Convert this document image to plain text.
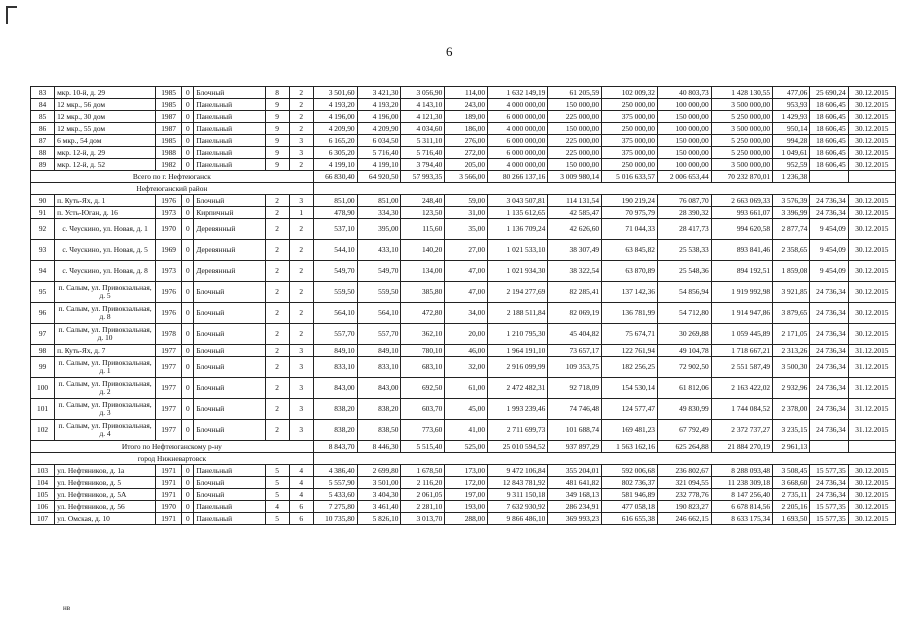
6
83	мкр. 10-й, д. 29	1985	0	Блочный	8	2	3 501,60	3 421,30	3 056,90	114,00	1 632 149,19	61 205,59	102 009,32	40 803,73	1 428 130,55	477,06	25 690,24	30.12.2015
84	12 мкр., 56 дом	1985	0	Панельный	9	2	4 193,20	4 193,20	4 143,10	243,00	4 000 000,00	150 000,00	250 000,00	100 000,00	3 500 000,00	953,93	18 606,45	30.12.2015
85	12 мкр., 30 дом	1987	0	Панельный	9	2	4 196,00	4 196,00	4 121,30	189,00	6 000 000,00	225 000,00	375 000,00	150 000,00	5 250 000,00	1 429,93	18 606,45	30.12.2015
86	12 мкр., 55 дом	1987	0	Панельный	9	2	4 209,90	4 209,90	4 034,60	186,00	4 000 000,00	150 000,00	250 000,00	100 000,00	3 500 000,00	950,14	18 606,45	30.12.2015
87	6 мкр., 54 дом	1985	0	Панельный	9	3	6 165,20	6 034,50	5 311,10	276,00	6 000 000,00	225 000,00	375 000,00	150 000,00	5 250 000,00	994,28	18 606,45	30.12.2015
88	мкр. 12-й, д. 29	1988	0	Панельный	9	3	6 305,20	5 716,40	5 716,40	272,00	6 000 000,00	225 000,00	375 000,00	150 000,00	5 250 000,00	1 049,61	18 606,45	30.12.2015
89	мкр. 12-й, д. 52	1982	0	Панельный	9	2	4 199,10	4 199,10	3 794,40	205,00	4 000 000,00	150 000,00	250 000,00	100 000,00	3 500 000,00	952,59	18 606,45	30.12.2015
Всего по г. Нефтеюганск							66 830,40	64 920,50	57 993,35	3 566,00	80 266 137,16	3 009 980,14	5 016 633,57	2 006 653,44	70 232 870,01	1 236,38		
Нефтеюганский район																		
90	п. Куть-Ях, д. 1	1976	0	Блочный	2	3	851,00	851,00	248,40	59,00	3 043 507,81	114 131,54	190 219,24	76 087,70	2 663 069,33	3 576,39	24 736,34	30.12.2015
91	п. Усть-Юган, д. 16	1973	0	Кирпичный	2	1	478,90	334,30	123,50	31,00	1 135 612,65	42 585,47	70 975,79	28 390,32	993 661,07	3 396,99	24 736,34	30.12.2015
92	с. Чеускино, ул. Новая, д. 1	1970	0	Деревянный	2	2	537,10	395,00	115,60	35,00	1 136 709,24	42 626,60	71 044,33	28 417,73	994 620,58	2 877,74	9 454,09	30.12.2015
93	с. Чеускино, ул. Новая, д. 5	1969	0	Деревянный	2	2	544,10	433,10	140,20	27,00	1 021 533,10	38 307,49	63 845,82	25 538,33	893 841,46	2 358,65	9 454,09	30.12.2015
94	с. Чеускино, ул. Новая, д. 8	1973	0	Деревянный	2	2	549,70	549,70	134,00	47,00	1 021 934,30	38 322,54	63 870,89	25 548,36	894 192,51	1 859,08	9 454,09	30.12.2015
95	п. Салым, ул. Привокзальная, д. 5	1976	0	Блочный	2	2	559,50	559,50	385,80	47,00	2 194 277,69	82 285,41	137 142,36	54 856,94	1 919 992,98	3 921,85	24 736,34	30.12.2015
96	п. Салым, ул. Привокзальная, д. 8	1976	0	Блочный	2	2	564,10	564,10	472,80	34,00	2 188 511,84	82 069,19	136 781,99	54 712,80	1 914 947,86	3 879,65	24 736,34	30.12.2015
97	п. Салым, ул. Привокзальная, д. 10	1978	0	Блочный	2	2	557,70	557,70	362,10	20,00	1 210 795,30	45 404,82	75 674,71	30 269,88	1 059 445,89	2 171,05	24 736,34	30.12.2015
98	п. Куть-Ях, д. 7	1977	0	Блочный	2	3	849,10	849,10	780,10	46,00	1 964 191,10	73 657,17	122 761,94	49 104,78	1 718 667,21	2 313,26	24 736,34	31.12.2015
99	п. Салым, ул. Привокзальная, д. 1	1977	0	Блочный	2	3	833,10	833,10	683,10	32,00	2 916 099,99	109 353,75	182 256,25	72 902,50	2 551 587,49	3 500,30	24 736,34	31.12.2015
100	п. Салым, ул. Привокзальная, д. 2	1977	0	Блочный	2	3	843,00	843,00	692,50	61,00	2 472 482,31	92 718,09	154 530,14	61 812,06	2 163 422,02	2 932,96	24 736,34	31.12.2015
101	п. Салым, ул. Привокзальная, д. 3	1977	0	Блочный	2	3	838,20	838,20	603,70	45,00	1 993 239,46	74 746,48	124 577,47	49 830,99	1 744 084,52	2 378,00	24 736,34	31.12.2015
102	п. Салым, ул. Привокзальная, д. 4	1977	0	Блочный	2	3	838,20	838,50	773,60	41,00	2 711 699,73	101 688,74	169 481,23	67 792,49	2 372 737,27	3 235,15	24 736,34	31.12.2015
Итого по Нефтеюганскому р-ну							8 843,70	8 446,30	5 515,40	525,00	25 010 594,52	937 897,29	1 563 162,16	625 264,88	21 884 270,19	2 961,13		
город Нижневартовск																		
103	ул. Нефтяников, д. 1а	1971	0	Панельный	5	4	4 386,40	2 699,80	1 678,50	173,00	9 472 106,84	355 204,01	592 006,68	236 802,67	8 288 093,48	3 508,45	15 577,35	30.12.2015
104	ул. Нефтяников, д. 5	1971	0	Блочный	5	4	5 557,90	3 501,00	2 116,20	172,00	12 843 781,92	481 641,82	802 736,37	321 094,55	11 238 309,18	3 668,60	24 736,34	30.12.2015
105	ул. Нефтяников, д. 5А	1971	0	Блочный	5	4	5 433,60	3 404,30	2 061,05	197,00	9 311 150,18	349 168,13	581 946,89	232 778,76	8 147 256,40	2 735,11	24 736,34	30.12.2015
106	ул. Нефтяников, д. 56	1970	0	Панельный	4	6	7 275,80	3 461,40	2 281,10	193,00	7 632 930,92	286 234,91	477 058,18	190 823,27	6 678 814,56	2 205,16	15 577,35	30.12.2015
107	ул. Омская, д. 10	1971	0	Панельный	5	6	10 735,80	5 826,10	3 013,70	288,00	9 866 486,10	369 993,23	616 655,38	246 662,15	8 633 175,34	1 693,50	15 577,35	30.12.2015
нв
